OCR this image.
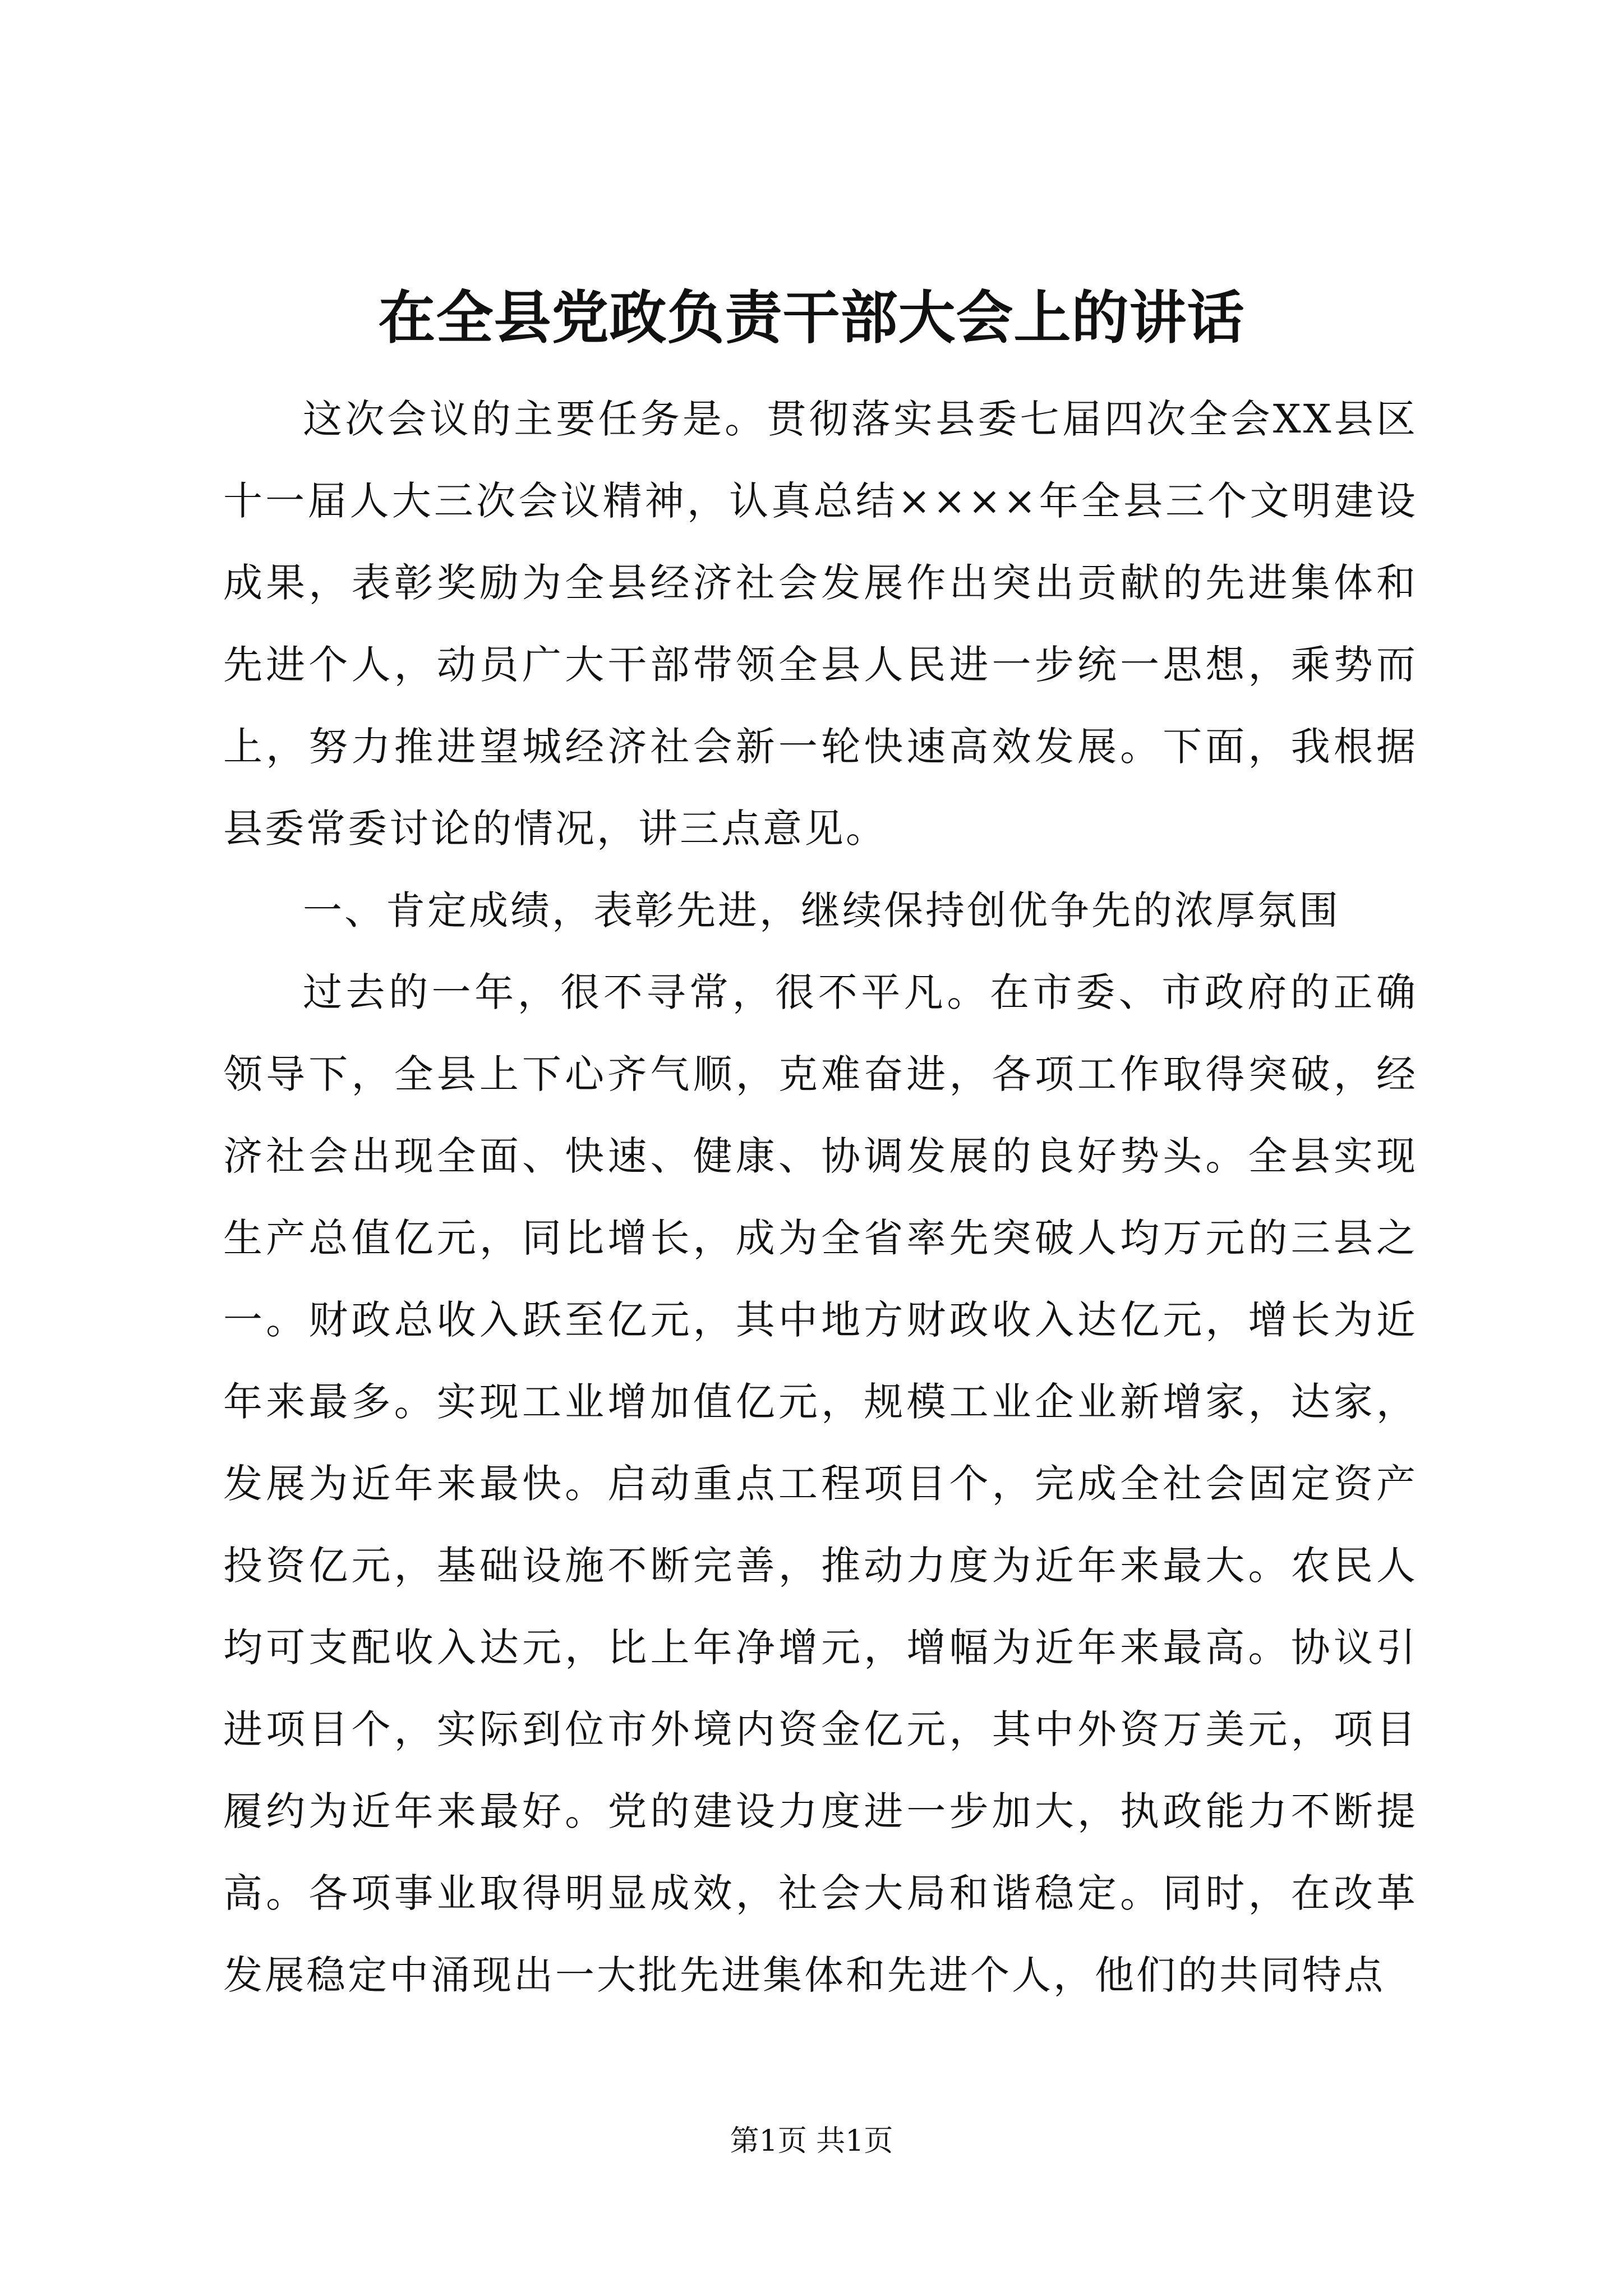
在全县党政负责干部大会上的讲话

这次会议的主要任务是。贯彻落实县委七届四次全会XX县区十一届人大三次会议精神，认真总结××××年全县三个文明建设成果，表彰奖励为全县经济社会发展作出突出贡献的先进集体和先进个人，动员广大干部带领全县人民进一步统一思想，乘势而上，努力推进望城经济社会新一轮快速高效发展。下面，我根据县委常委讨论的情况，讲三点意见。

一、肯定成绩，表彰先进，继续保持创优争先的浓厚氛围

过去的一年，很不寻常，很不平凡。在市委、市政府的正确领导下，全县上下心齐气顺，克难奋进，各项工作取得突破，经济社会出现全面、快速、健康、协调发展的良好势头。全县实现生产总值亿元，同比增长，成为全省率先突破人均万元的三县之一。财政总收入跃至亿元，其中地方财政收入达亿元，增长为近年来最多。实现工业增加值亿元，规模工业企业新增家，达家，发展为近年来最快。启动重点工程项目个，完成全社会固定资产投资亿元，基础设施不断完善，推动力度为近年来最大。农民人均可支配收入达元，比上年净增元，增幅为近年来最高。协议引进项目个，实际到位市外境内资金亿元，其中外资万美元，项目履约为近年来最好。党的建设力度进一步加大，执政能力不断提高。各项事业取得明显成效，社会大局和谐稳定。同时，在改革发展稳定中涌现出一大批先进集体和先进个人，他们的共同特点

第1页 共1页
